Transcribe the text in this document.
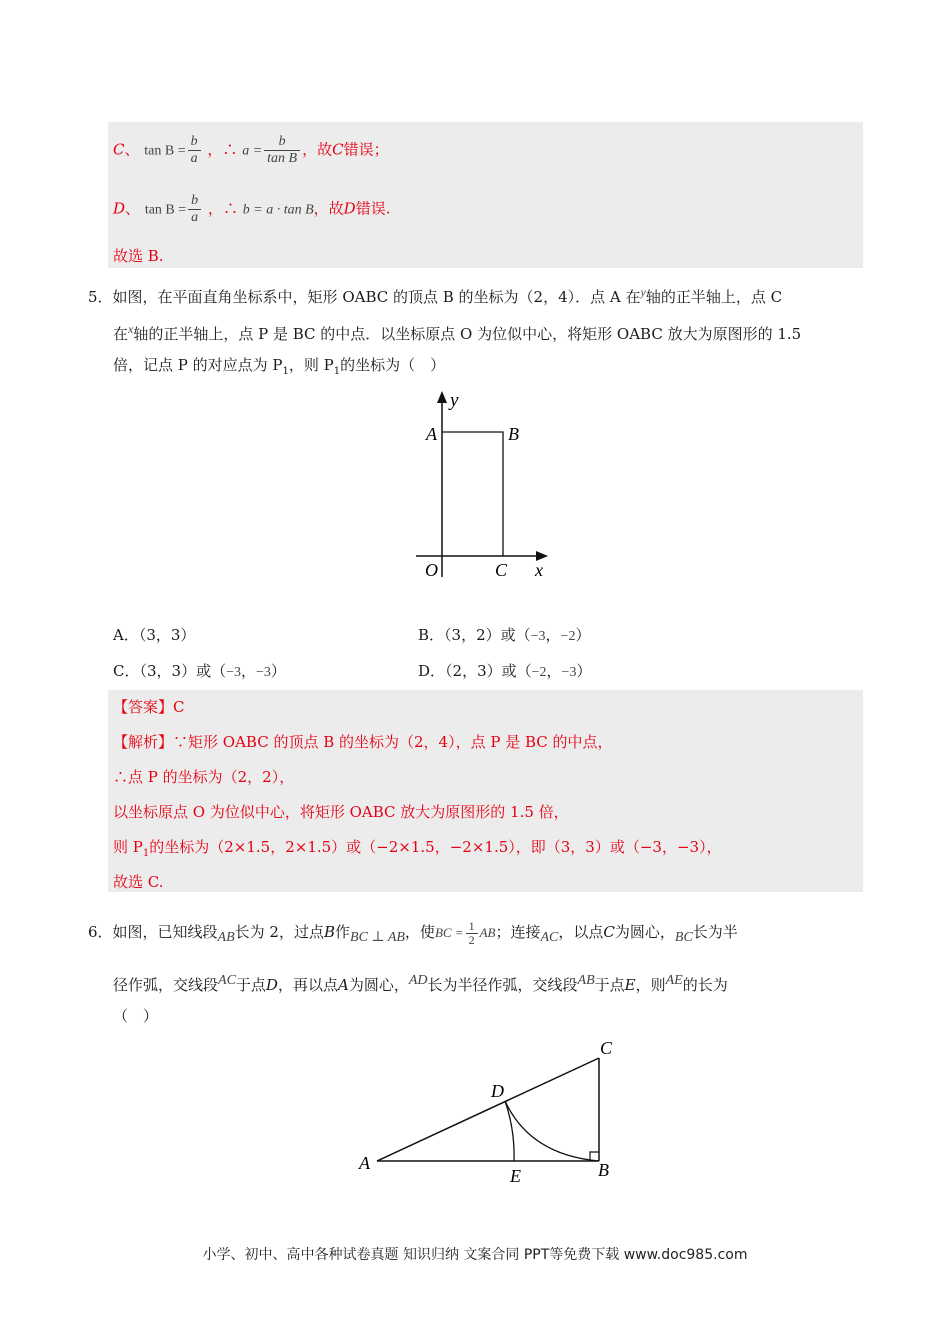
C、 $\tan B = \frac{b}{a}$ ，∴ $a = \frac{b}{\text{tan B}}$ ，故C错误；
D、 $\tan B = \frac{b}{a}$ ，∴ b = a · tan B，故D错误.
故选 B.
5．如图，在平面直角坐标系中，矩形 OABC 的顶点 B 的坐标为（2，4）．点 A 在$^y$轴的正半轴上，点 C
在$^x$轴的正半轴上，点 P 是 BC 的中点．以坐标原点 O 为位似中心，将矩形 OABC 放大为原图形的 1.5
倍，记点 P 的对应点为 $P_1$，则 $P_1$的坐标为（　）
y
A	B
O	C x
A．（3，3）	B．（3，2）或（−3，−2）
C．（3，3）或（−3，−3）	D．（2，3）或（−2，−3）
【答案】C
【解析】∵矩形 OABC 的顶点 B 的坐标为（2，4），点 P 是 BC 的中点，
∴点 P 的坐标为（2，2），
以坐标原点 O 为位似中心，将矩形 OABC 放大为原图形的 1.5 倍，
则 $P_1$的坐标为（2×1.5，2×1.5）或（−2×1.5，−2×1.5），即（3，3）或（−3，−3），
故选 C.
6．如图，已知线段$_{AB}$长为 2，过点B作$_{BC \perp AB}$，使BC = $\frac{1}{2}$ AB；连接$_{AC}$，以点C为圆心，$_{BC}$长为半
径作弧，交线段$^{AC}$于点D，再以点A为圆心，$^{AD}$长为半径作弧，交线段$^{AB}$于点E，则$^{AE}$的长为
（　）
C
D
A
E	B
小学、初中、高中各种试卷真题 知识归纳 文案合同 PPT等免费下载 www.doc985.com
